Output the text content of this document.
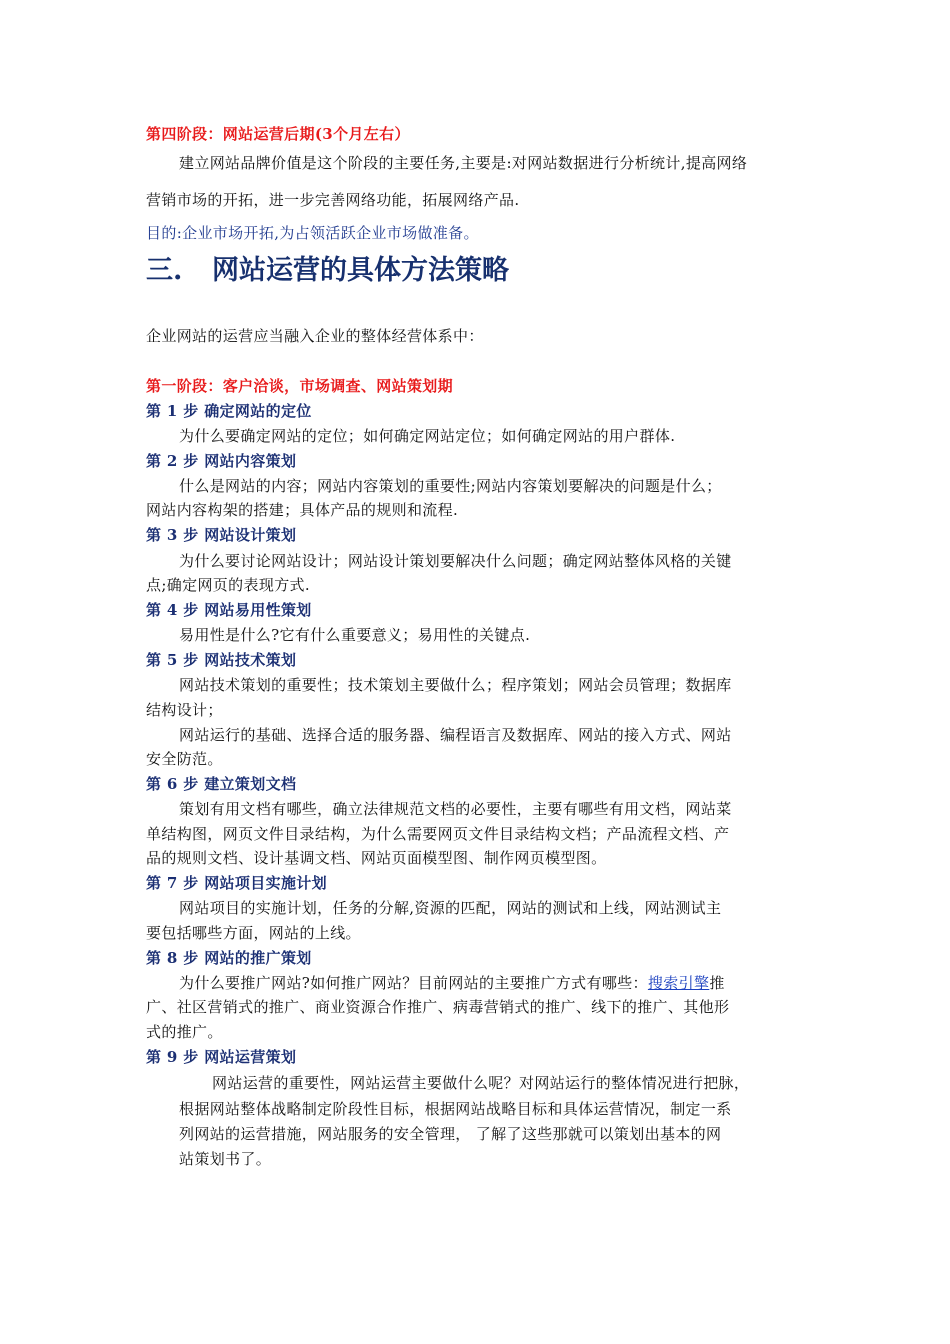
第四阶段：网站运营后期(3个月左右）

建立网站品牌价值是这个阶段的主要任务,主要是:对网站数据进行分析统计,提高网络

营销市场的开拓，进一步完善网络功能，拓展网络产品.

目的:企业市场开拓,为占领活跃企业市场做准备。

三. 网站运营的具体方法策略

企业网站的运营应当融入企业的整体经营体系中：

第一阶段：客户洽谈，市场调查、网站策划期

第 1 步 确定网站的定位

为什么要确定网站的定位；如何确定网站定位；如何确定网站的用户群体.

第 2 步 网站内容策划

什么是网站的内容；网站内容策划的重要性;网站内容策划要解决的问题是什么；

网站内容构架的搭建；具体产品的规则和流程.

第 3 步 网站设计策划

为什么要讨论网站设计；网站设计策划要解决什么问题；确定网站整体风格的关键

点;确定网页的表现方式.

第 4 步 网站易用性策划

易用性是什么?它有什么重要意义；易用性的关键点.

第 5 步 网站技术策划

网站技术策划的重要性；技术策划主要做什么；程序策划；网站会员管理；数据库

结构设计；

网站运行的基础、选择合适的服务器、编程语言及数据库、网站的接入方式、网站

安全防范。

第 6 步 建立策划文档

策划有用文档有哪些，确立法律规范文档的必要性，主要有哪些有用文档，网站菜

单结构图，网页文件目录结构，为什么需要网页文件目录结构文档；产品流程文档、产

品的规则文档、设计基调文档、网站页面模型图、制作网页模型图。

第 7 步 网站项目实施计划

网站项目的实施计划，任务的分解,资源的匹配，网站的测试和上线，网站测试主

要包括哪些方面，网站的上线。

第 8 步 网站的推广策划

为什么要推广网站?如何推广网站？目前网站的主要推广方式有哪些：搜索引擎推

广、社区营销式的推广、商业资源合作推广、病毒营销式的推广、线下的推广、其他形

式的推广。

第 9 步 网站运营策划

网站运营的重要性，网站运营主要做什么呢？对网站运行的整体情况进行把脉，

根据网站整体战略制定阶段性目标，根据网站战略目标和具体运营情况，制定一系

列网站的运营措施，网站服务的安全管理， 了解了这些那就可以策划出基本的网

站策划书了。
